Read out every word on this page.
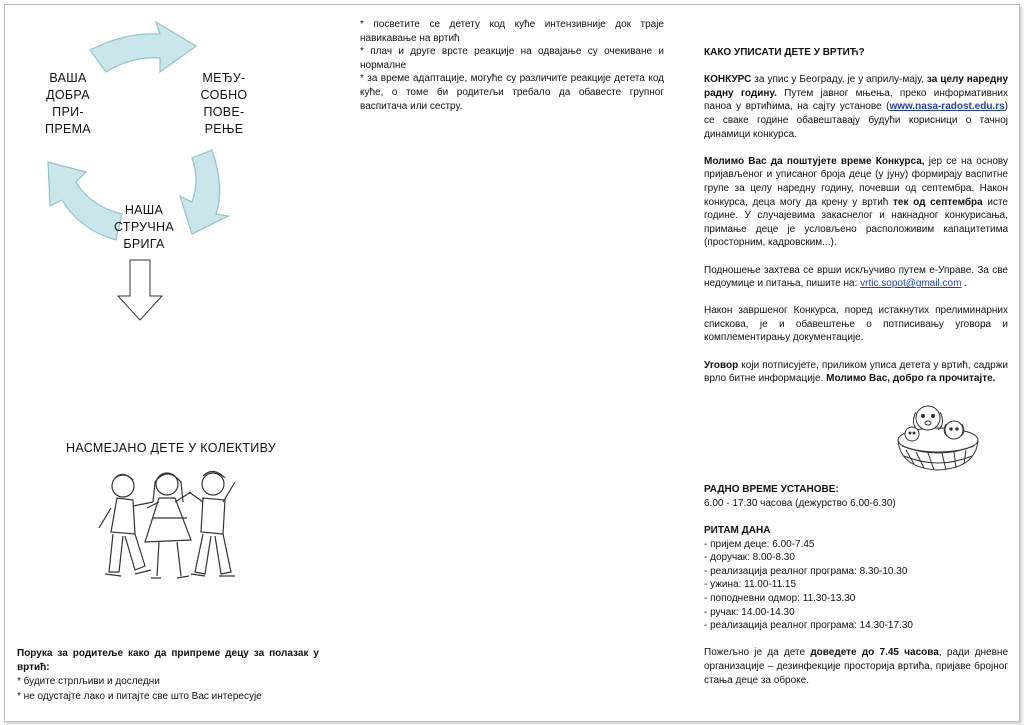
ВАША
ДОБРА
ПРИ-
ПРЕМА
МЕЂУ-
СОБНО
ПОВЕ-
РЕЊЕ
НАША
СТРУЧНА
БРИГА
НАСМЕЈАНО ДЕТЕ У КОЛЕКТИВУ
Порука за родитеље како да припреме децу за полазак у вртић:
* будите стрпљиви и доследни
* не одустајте лако и питајте све што Вас интересује
* посветите се детету код куће интензивније док траје навикавање на вртић
* плач и друге врсте реакције на одвајање су очекиване и нормалне
* за време адаптације, могуће су различите реакције детета код куће, о томе би родитељи требало да обавесте групног васпитача или сестру.

КАКО УПИСАТИ ДЕТЕ У ВРТИЋ?

КОНКУРС за упис у Београду, је у априлу-мају, за целу наредну радну годину. Путем јавног мњења, преко информативних паноа у вртићима, на сајту установе (www.nasa-radost.edu.rs) се сваке године обавештавају будући корисници о тачној динамици конкурса.

Молимо Вас да поштујете време Конкурса, јер се на основу пријављеног и уписаног броја деце (у јуну) формирају васпитне групе за целу наредну годину, почевши од септембра. Након конкурса, деца могу да крену у вртић тек од септембра исте године. У случајевима закаснелог и накнадног конкурисања, примање деце је условљено расположивим капацитетима (просторним, кадровским...).

Подношење захтева се врши искључиво путем е-Управе. За све недоумице и питања, пишите на: vrtic.sopot@gmail.com .

Након завршеног Конкурса, поред истакнутих прелиминарних спискова, је и обавештење о потписивању уговора и комплементирању документације.

Уговор који потписујете, приликом уписа детета у вртић, садржи врло битне информације. Молимо Вас, добро га прочитајте.

РАДНО ВРЕМЕ УСТАНОВЕ:
6.00 - 17.30 часова (дежурство 6.00-6.30)
РИТАМ ДАНА
- пријем деце: 6.00-7.45
- доручак: 8.00-8.30
- реализација реалног програма: 8.30-10.30
- ужина: 11.00-11.15
- поподневни одмор: 11.30-13.30
- ручак: 14.00-14.30
- реализација реалног програма: 14.30-17.30
Пожељно је да дете доведете до 7.45 часова, ради дневне организације – дезинфекције просторија вртића, пријаве бројног стања деце за оброке.
